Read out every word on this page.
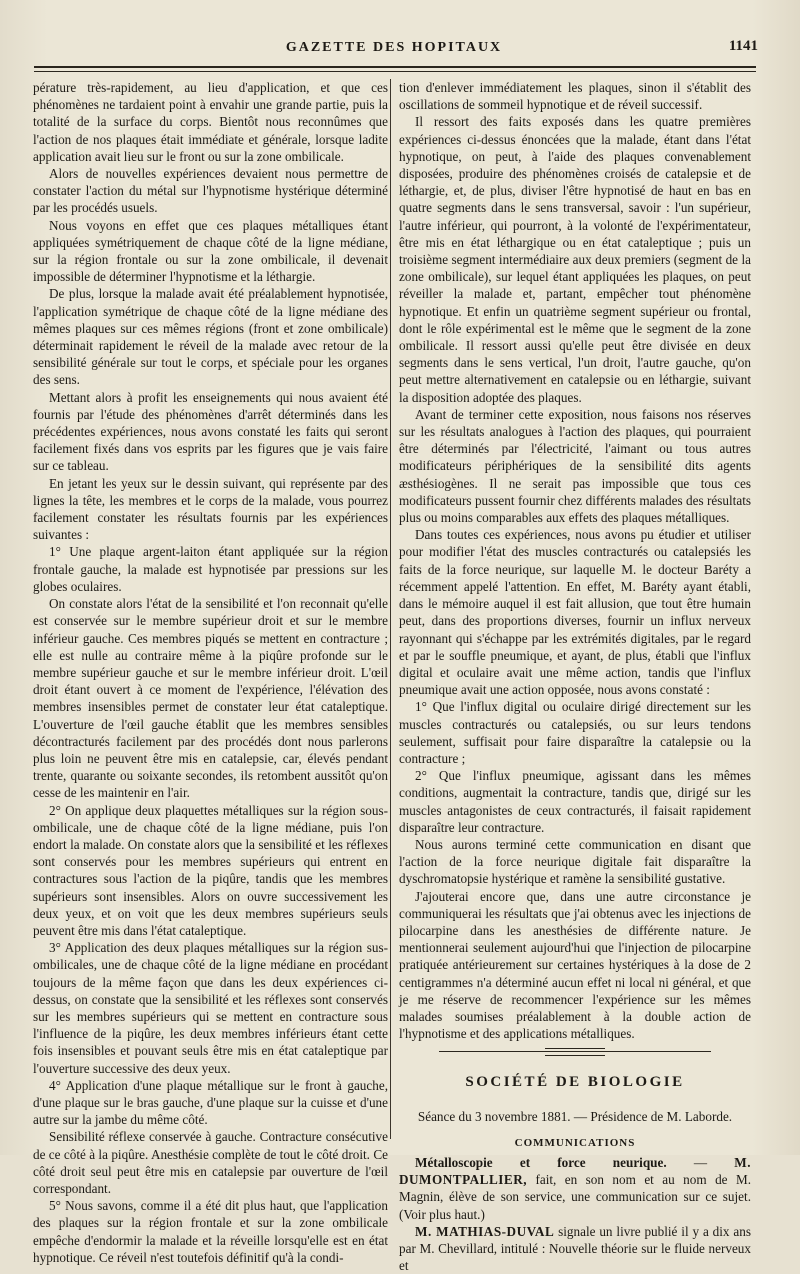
GAZETTE DES HOPITAUX	1141

pérature très-rapidement, au lieu d'application, et que ces phénomènes ne tardaient point à envahir une grande partie, puis la totalité de la surface du corps. Bientôt nous reconnûmes que l'action de nos plaques était immédiate et générale, lorsque ladite application avait lieu sur le front ou sur la zone ombilicale.

Alors de nouvelles expériences devaient nous permettre de constater l'action du métal sur l'hypnotisme hystérique déterminé par les procédés usuels.

Nous voyons en effet que ces plaques métalliques étant appliquées symétriquement de chaque côté de la ligne médiane, sur la région frontale ou sur la zone ombilicale, il devenait impossible de déterminer l'hypnotisme et la léthargie.

De plus, lorsque la malade avait été préalablement hypnotisée, l'application symétrique de chaque côté de la ligne médiane des mêmes plaques sur ces mêmes régions (front et zone ombilicale) déterminait rapidement le réveil de la malade avec retour de la sensibilité générale sur tout le corps, et spéciale pour les organes des sens.

Mettant alors à profit les enseignements qui nous avaient été fournis par l'étude des phénomènes d'arrêt déterminés dans les précédentes expériences, nous avons constaté les faits qui seront facilement fixés dans vos esprits par les figures que je vais faire sur ce tableau.

En jetant les yeux sur le dessin suivant, qui représente par des lignes la tête, les membres et le corps de la malade, vous pourrez facilement constater les résultats fournis par les expériences suivantes :

1° Une plaque argent-laiton étant appliquée sur la région frontale gauche, la malade est hypnotisée par pressions sur les globes oculaires.

On constate alors l'état de la sensibilité et l'on reconnait qu'elle est conservée sur le membre supérieur droit et sur le membre inférieur gauche. Ces membres piqués se mettent en contracture ; elle est nulle au contraire même à la piqûre profonde sur le membre supérieur gauche et sur le membre inférieur droit. L'œil droit étant ouvert à ce moment de l'expérience, l'élévation des membres insensibles permet de constater leur état cataleptique. L'ouverture de l'œil gauche établit que les membres sensibles décontracturés facilement par des procédés dont nous parlerons plus loin ne peuvent être mis en catalepsie, car, élevés pendant trente, quarante ou soixante secondes, ils retombent aussitôt qu'on cesse de les maintenir en l'air.

2° On applique deux plaquettes métalliques sur la région sous-ombilicale, une de chaque côté de la ligne médiane, puis l'on endort la malade. On constate alors que la sensibilité et les réflexes sont conservés pour les membres supérieurs qui entrent en contractures sous l'action de la piqûre, tandis que les membres supérieurs sont insensibles. Alors on ouvre successivement les deux yeux, et on voit que les deux membres supérieurs seuls peuvent être mis dans l'état cataleptique.

3° Application des deux plaques métalliques sur la région sus-ombilicales, une de chaque côté de la ligne médiane en procédant toujours de la même façon que dans les deux expériences ci-dessus, on constate que la sensibilité et les réflexes sont conservés sur les membres supérieurs qui se mettent en contracture sous l'influence de la piqûre, les deux membres inférieurs étant cette fois insensibles et pouvant seuls être mis en état cataleptique par l'ouverture successive des deux yeux.

4° Application d'une plaque métallique sur le front à gauche, d'une plaque sur le bras gauche, d'une plaque sur la cuisse et d'une autre sur la jambe du même côté.

Sensibilité réflexe conservée à gauche. Contracture consécutive de ce côté à la piqûre. Anesthésie complète de tout le côté droit. Ce côté droit seul peut être mis en catalepsie par ouverture de l'œil correspondant.

5° Nous savons, comme il a été dit plus haut, que l'application des plaques sur la région frontale et sur la zone ombilicale empêche d'endormir la malade et la réveille lorsqu'elle est en état hypnotique. Ce réveil n'est toutefois définitif qu'à la condi-

tion d'enlever immédiatement les plaques, sinon il s'établit des oscillations de sommeil hypnotique et de réveil successif.

Il ressort des faits exposés dans les quatre premières expériences ci-dessus énoncées que la malade, étant dans l'état hypnotique, on peut, à l'aide des plaques convenablement disposées, produire des phénomènes croisés de catalepsie et de léthargie, et, de plus, diviser l'être hypnotisé de haut en bas en quatre segments dans le sens transversal, savoir : l'un supérieur, l'autre inférieur, qui pourront, à la volonté de l'expérimentateur, être mis en état léthargique ou en état cataleptique ; puis un troisième segment intermédiaire aux deux premiers (segment de la zone ombilicale), sur lequel étant appliquées les plaques, on peut réveiller la malade et, partant, empêcher tout phénomène hypnotique. Et enfin un quatrième segment supérieur ou frontal, dont le rôle expérimental est le même que le segment de la zone ombilicale. Il ressort aussi qu'elle peut être divisée en deux segments dans le sens vertical, l'un droit, l'autre gauche, qu'on peut mettre alternativement en catalepsie ou en léthargie, suivant la disposition adoptée des plaques.

Avant de terminer cette exposition, nous faisons nos réserves sur les résultats analogues à l'action des plaques, qui pourraient être déterminés par l'électricité, l'aimant ou tous autres modificateurs périphériques de la sensibilité dits agents æsthésiogènes. Il ne serait pas impossible que tous ces modificateurs pussent fournir chez différents malades des résultats plus ou moins comparables aux effets des plaques métalliques.

Dans toutes ces expériences, nous avons pu étudier et utiliser pour modifier l'état des muscles contracturés ou catalepsiés les faits de la force neurique, sur laquelle M. le docteur Baréty a récemment appelé l'attention. En effet, M. Baréty ayant établi, dans le mémoire auquel il est fait allusion, que tout être humain peut, dans des proportions diverses, fournir un influx nerveux rayonnant qui s'échappe par les extrémités digitales, par le regard et par le souffle pneumique, et ayant, de plus, établi que l'influx digital et oculaire avait une même action, tandis que l'influx pneumique avait une action opposée, nous avons constaté :

1° Que l'influx digital ou oculaire dirigé directement sur les muscles contracturés ou catalepsiés, ou sur leurs tendons seulement, suffisait pour faire disparaître la catalepsie ou la contracture ;

2° Que l'influx pneumique, agissant dans les mêmes conditions, augmentait la contracture, tandis que, dirigé sur les muscles antagonistes de ceux contracturés, il faisait rapidement disparaître leur contracture.

Nous aurons terminé cette communication en disant que l'action de la force neurique digitale fait disparaître la dyschromatopsie hystérique et ramène la sensibilité gustative.

J'ajouterai encore que, dans une autre circonstance je communiquerai les résultats que j'ai obtenus avec les injections de pilocarpine dans les anesthésies de différente nature. Je mentionnerai seulement aujourd'hui que l'injection de pilocarpine pratiquée antérieurement sur certaines hystériques à la dose de 2 centigrammes n'a déterminé aucun effet ni local ni général, et que je me réserve de recommencer l'expérience sur les mêmes malades soumises préalablement à la double action de l'hypnotisme et des applications métalliques.

SOCIÉTÉ DE BIOLOGIE
Séance du 3 novembre 1881. — Présidence de M. Laborde.
COMMUNICATIONS

Métalloscopie et force neurique. — M. DUMONTPALLIER, fait, en son nom et au nom de M. Magnin, élève de son service, une communication sur ce sujet. (Voir plus haut.)

M. MATHIAS-DUVAL signale un livre publié il y a dix ans par M. Chevillard, intitulé : Nouvelle théorie sur le fluide nerveux et
